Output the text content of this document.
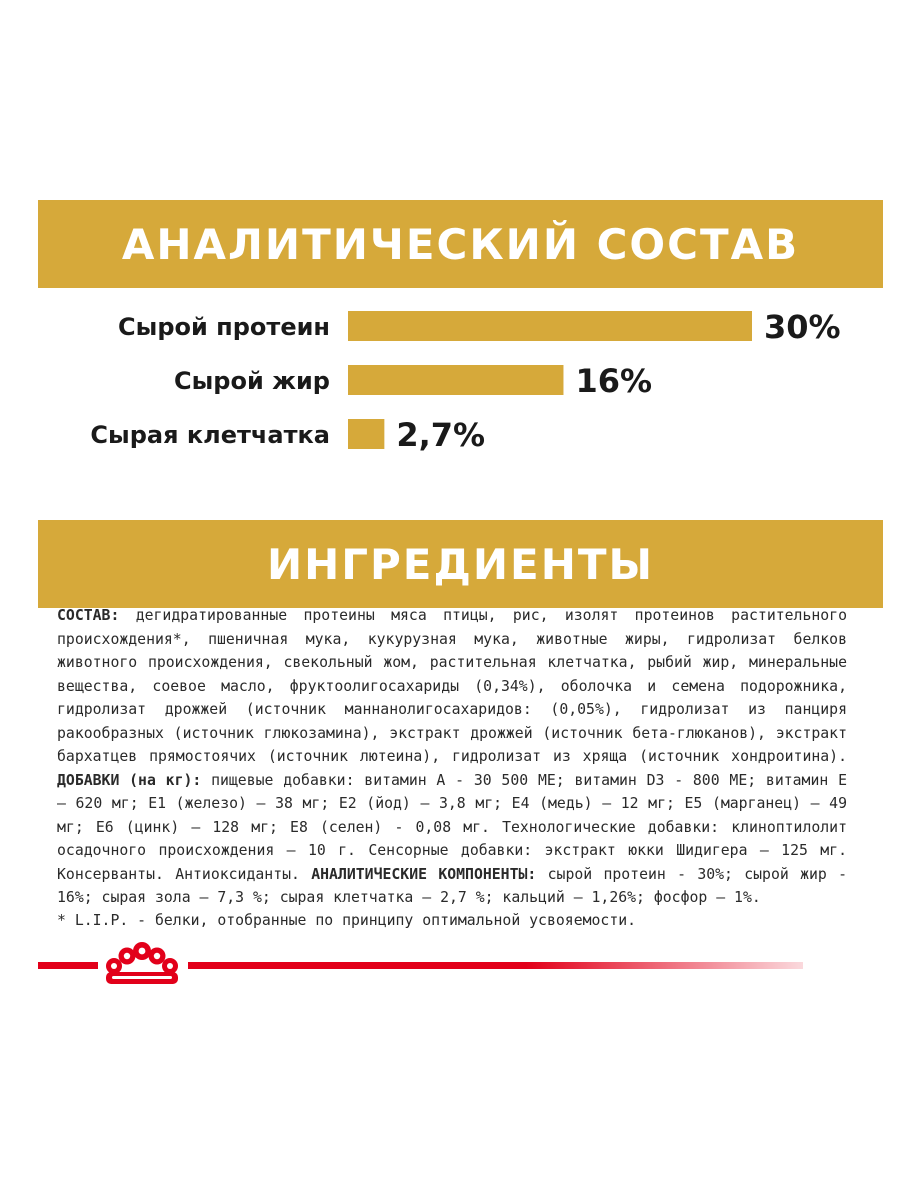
АНАЛИТИЧЕСКИЙ СОСТАВ
Сырой протеин	30%
Сырой жир	16%
Сырая клетчатка 2,7%
ИНГРЕДИЕНТЫ

СОСТАВ: дегидратированные протеины мяса птицы, рис, изолят протеинов растительного происхождения*, пшеничная мука, кукурузная мука, животные жиры, гидролизат белков животного происхождения, свекольный жом, растительная клетчатка, рыбий жир, минеральные вещества, соевое масло, фруктоолигосахариды (0,34%), оболочка и семена подорожника, гидролизат дрожжей (источник маннанолигосахаридов: (0,05%), гидролизат из панциря ракообразных (источник глюкозамина), экстракт дрожжей (источник бета-глюканов), экстракт бархатцев прямостоячих (источник лютеина), гидролизат из хряща (источник хондроитина). ДОБАВКИ (на кг): пищевые добавки: витамин А - 30 500 МЕ; витамин D3 - 800 МЕ; витамин Е – 620 мг; Е1 (железо) – 38 мг; Е2 (йод) – 3,8 мг; Е4 (медь) – 12 мг; Е5 (марганец) – 49 мг; Е6 (цинк) – 128 мг; Е8 (селен) - 0,08 мг. Технологические добавки: клиноптилолит осадочного происхождения – 10 г. Сенсорные добавки: экстракт юкки Шидигера – 125 мг. Консерванты. Антиоксиданты. АНАЛИТИЧЕСКИЕ КОМПОНЕНТЫ: сырой протеин - 30%; сырой жир - 16%; сырая зола – 7,3 %; сырая клетчатка – 2,7 %; кальций – 1,26%; фосфор – 1%.

* L.I.P. - белки, отобранные по принципу оптимальной усвояемости.
